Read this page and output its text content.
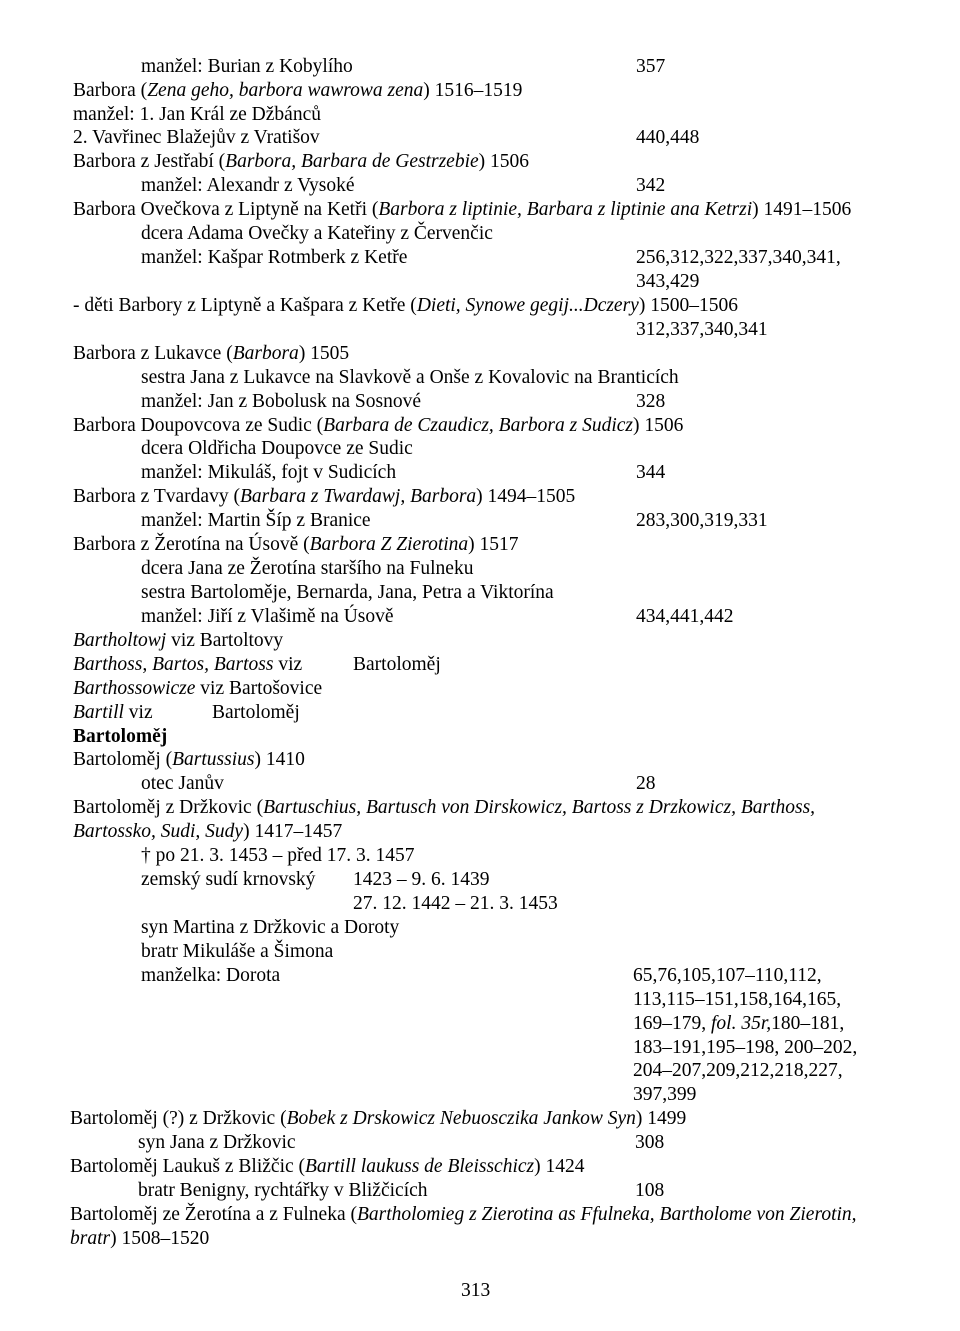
manžel: Burian z Kobylího	357
Barbora (Zena geho, barbora wawrowa zena) 1516–1519
manžel: 1. Jan Král ze Džbánců
2. Vavřinec Blažejův z Vratišov	440,448
Barbora z Jestřabí (Barbora, Barbara de Gestrzebie) 1506
manžel: Alexandr z Vysoké	342
Barbora Ovečkova z Liptyně na Ketři (Barbora z liptinie, Barbara z liptinie ana Ketrzi) 1491–1506
dcera Adama Ovečky a Kateřiny z Červenčic
manžel: Kašpar Rotmberk z Ketře	256,312,322,337,340,341,
343,429
- děti Barbory z Liptyně a Kašpara z Ketře (Dieti, Synowe gegij...Dczery) 1500–1506
312,337,340,341
Barbora z Lukavce (Barbora) 1505
sestra Jana z Lukavce na Slavkově a Onše z Kovalovic na Branticích
manžel: Jan z Bobolusk na Sosnové	328
Barbora Doupovcova ze Sudic (Barbara de Czaudicz, Barbora z Sudicz) 1506
dcera Oldřicha Doupovce ze Sudic
manžel: Mikuláš, fojt v Sudicích	344
Barbora z Tvardavy (Barbara z Twardawj, Barbora) 1494–1505
manžel: Martin Šíp z Branice	283,300,319,331
Barbora z Žerotína na Úsově (Barbora Z Zierotina) 1517
dcera Jana ze Žerotína staršího na Fulneku
sestra Bartoloměje, Bernarda, Jana, Petra a Viktorína
manžel: Jiří z Vlašimě na Úsově	434,441,442
Bartholtowj viz Bartoltovy
Barthoss, Bartos, Bartoss viz	Bartoloměj
Barthossowicze viz Bartošovice
Bartill viz	Bartoloměj
Bartoloměj
Bartoloměj (Bartussius) 1410
otec Janův	28
Bartoloměj z Držkovic (Bartuschius, Bartusch von Dirskowicz, Bartoss z Drzkowicz, Barthoss,
Bartossko, Sudi, Sudy) 1417–1457
† po 21. 3. 1453 – před 17. 3. 1457
zemský sudí krnovský 1423 – 9. 6. 1439
27. 12. 1442 – 21. 3. 1453
syn Martina z Držkovic a Doroty
bratr Mikuláše a Šimona
manželka: Dorota	65,76,105,107–110,112,
113,115–151,158,164,165,
169–179, fol. 35r,180–181,
183–191,195–198, 200–202,
204–207,209,212,218,227,
397,399
Bartoloměj (?) z Držkovic (Bobek z Drskowicz Nebuosczika Jankow Syn) 1499
syn Jana z Držkovic	308
Bartoloměj Laukuš z Bližčic (Bartill laukuss de Bleisschicz) 1424
bratr Benigny, rychtářky v Bližčicích	108
Bartoloměj ze Žerotína a z Fulneka (Bartholomieg z Zierotina as Ffulneka, Bartholome von Zierotin,
bratr) 1508–1520
313
